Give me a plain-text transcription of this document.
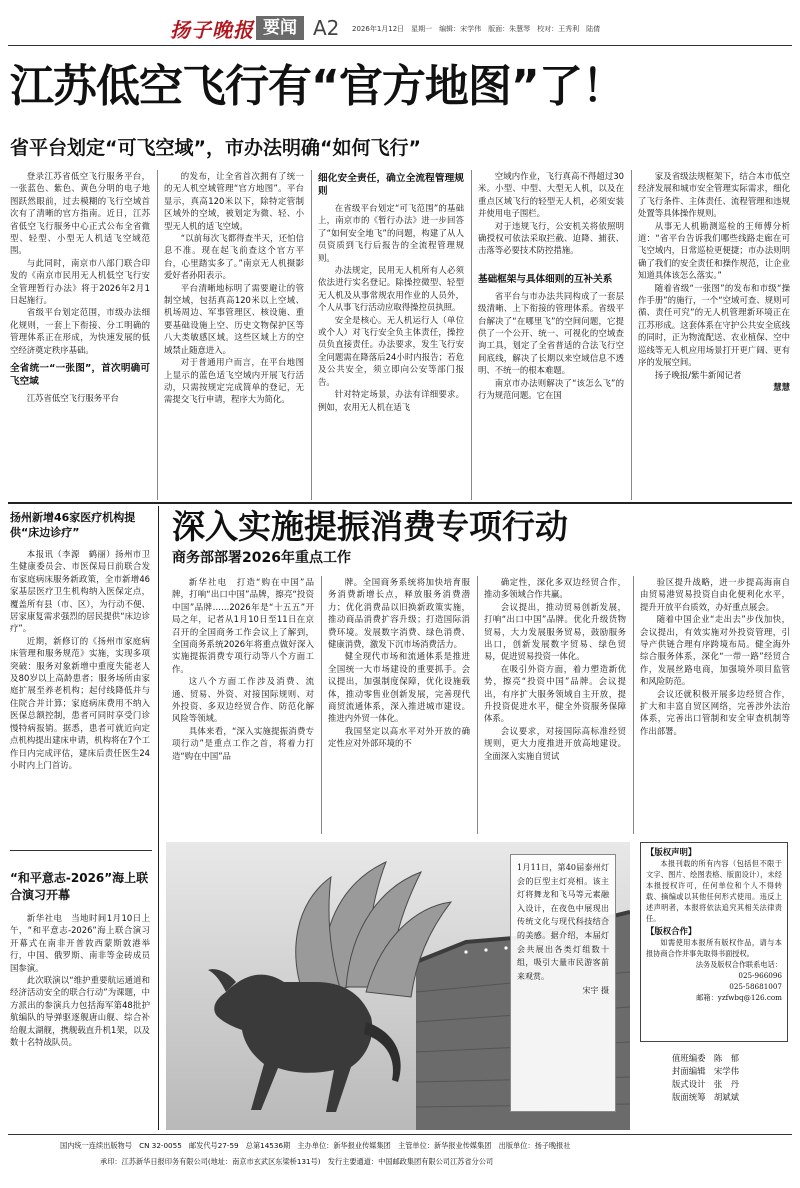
扬子晚报 要闻 A2 2026年1月12日　星期一　编辑：宋学伟　版面：朱慧琴　校对：王秀利　陆倩
江苏低空飞行有“官方地图”了！
省平台划定“可飞空域”，市办法明确“如何飞行”

登录江苏省低空飞行服务平台，一张蓝色、紫色、黄色分明的电子地图跃然眼前，过去模糊的飞行空域首次有了清晰的官方指南。近日，江苏省低空飞行服务中心正式公布全省微型、轻型、小型无人机适飞空域范围。

与此同时，南京市八部门联合印发的《南京市民用无人机低空飞行安全管理暂行办法》将于2026年2月1日起施行。

省级平台划定范围，市级办法细化规则，一套上下衔接、分工明确的管理体系正在形成，为快速发展的低空经济奠定秩序基础。

全省统一“一张图”，首次明确可飞空域

江苏省低空飞行服务平台

的发布，让全省首次拥有了统一的无人机空域管理“官方地图”。平台显示，真高120米以下，除特定管制区域外的空域，被划定为微、轻、小型无人机的适飞空域。

“以前每次飞都得查半天，还怕信息不准。现在起飞前查这个官方平台，心里踏实多了。”南京无人机摄影爱好者孙阳表示。

平台清晰地标明了需要避让的管制空域，包括真高120米以上空域、机场周边、军事管理区、核设施、重要基础设施上空、历史文物保护区等八大类敏感区域。这些区域上方的空域禁止随意进入。

对于普通用户而言，在平台地图上显示的蓝色适飞空域内开展飞行活动，只需按规定完成简单的登记，无需提交飞行申请，程序大为简化。

细化安全责任，确立全流程管理规则

在省级平台划定“可飞范围”的基础上，南京市的《暂行办法》进一步回答了“如何安全地飞”的问题，构建了从人员资质到飞行后报告的全流程管理规则。

办法规定，民用无人机所有人必须依法进行实名登记。除操控微型、轻型无人机及从事常规农用作业的人员外，个人从事飞行活动应取得操控员执照。

安全是核心。无人机运行人（单位或个人）对飞行安全负主体责任，操控员负直接责任。办法要求，发生飞行安全问题需在降落后24小时内报告；若危及公共安全，须立即向公安等部门报告。

针对特定场景，办法有详细要求。例如，农用无人机在适飞

空域内作业，飞行真高不得超过30米。小型、中型、大型无人机，以及在重点区域飞行的轻型无人机，必须安装并使用电子围栏。

对于违规飞行，公安机关将依照明确授权可依法采取拦截、迫降、捕获、击落等必要技术防控措施。

基础框架与具体细则的互补关系

省平台与市办法共同构成了一套层级清晰、上下衔接的管理体系。省级平台解决了“在哪里飞”的空间问题，它提供了一个公开、统一、可视化的空域查询工具，划定了全省普适的合法飞行空间底线，解决了长期以来空域信息不透明、不统一的根本难题。

南京市办法则解决了“该怎么飞”的行为规范问题。它在国

家及省级法规框架下，结合本市低空经济发展和城市安全管理实际需求，细化了飞行条件、主体责任、流程管理和违规处置等具体操作规则。

从事无人机勘测巡检的王师傅分析道：“省平台告诉我们哪些线路走廊在可飞空域内，日常巡检更便捷；市办法则明确了我们的安全责任和操作规范，让企业知道具体该怎么落实。”

随着省级“一张图”的发布和市级“操作手册”的施行，一个“空域可查、规则可循、责任可究”的无人机管理新环境正在江苏形成。这套体系在守护公共安全底线的同时，正为物流配送、农业植保、空中巡线等无人机应用场景打开更广阔、更有序的发展空间。

扬子晚报/紫牛新闻记者

慧慧
扬州新增46家医疗机构提供“床边诊疗”

本报讯（李源　鹤丽）扬州市卫生健康委员会、市医保局日前联合发布家庭病床服务新政策，全市新增46家基层医疗卫生机构纳入医保定点，覆盖所有县（市、区），为行动不便、居家康复需求强烈的居民提供“床边诊疗”。

近期，新修订的《扬州市家庭病床管理和服务规范》实施，实现多项突破：服务对象新增中重度失能老人及80岁以上高龄患者；服务场所由家庭扩展至养老机构；起付线降低并与住院合并计算；家庭病床费用不纳入医保总额控制，患者可同时享受门诊慢特病报销。据悉，患者可就近向定点机构提出建床申请，机构将在7个工作日内完成评估，建床后责任医生24小时内上门首访。

“和平意志-2026”海上联合演习开幕

新华社电　当地时间1月10日上午，“和平意志-2026”海上联合演习开幕式在南非开普敦西蒙斯敦港举行，中国、俄罗斯、南非等金砖成员国参演。

此次联演以“维护重要航运通道和经济活动安全的联合行动”为课题，中方派出的参演兵力包括海军第48批护航编队的导弹驱逐舰唐山舰、综合补给舰太湖舰，携舰载直升机1架，以及数十名特战队员。

深入实施提振消费专项行动
商务部部署2026年重点工作

新华社电　打造“购在中国”品牌，打响“出口中国”品牌，擦亮“投资中国”品牌……2026年是“十五五”开局之年，记者从1月10日至11日在京召开的全国商务工作会议上了解到，全国商务系统2026年将重点做好深入实施提振消费专项行动等八个方面工作。

这八个方面工作涉及消费、流通、贸易、外资、对接国际规则、对外投资、多双边经贸合作、防范化解风险等领域。

具体来看，“深入实施提振消费专项行动”是重点工作之首，将着力打造“购在中国”品

牌。全国商务系统将加快培育服务消费新增长点，释放服务消费潜力；优化消费品以旧换新政策实施，推动商品消费扩容升级；打造国际消费环境。发展数字消费、绿色消费、健康消费，激发下沉市场消费活力。

健全现代市场和流通体系是推进全国统一大市场建设的重要抓手。会议提出，加强制度保障，优化设施载体，推动零售业创新发展，完善现代商贸流通体系，深入推进城市建设。推进内外贸一体化。

我国坚定以高水平对外开放的确定性应对外部环境的不

确定性，深化多双边经贸合作，推动多领域合作共赢。

会议提出，推动贸易创新发展，打响“出口中国”品牌。优化升级货物贸易，大力发展服务贸易，鼓励服务出口，创新发展数字贸易、绿色贸易，促进贸易投资一体化。

在吸引外资方面，着力塑造新优势，擦亮“投资中国”品牌。会议提出，有序扩大服务领域自主开放，提升投资促进水平，健全外资服务保障体系。

会议要求，对接国际高标准经贸规则，更大力度推进开放高地建设。全面深入实施自贸试

验区提升战略，进一步提高海南自由贸易港贸易投资自由化便利化水平，提升开放平台质效，办好重点展会。

随着中国企业“走出去”步伐加快，会议提出，有效实施对外投资管理，引导产供链合理有序跨境布局。健全海外综合服务体系，深化“一带一路”经贸合作，发展丝路电商，加强境外项目监管和风险防范。

会议还就积极开展多边经贸合作，扩大和丰富自贸区网络，完善涉外法治体系，完善出口管制和安全审查机制等作出部署。

1月11日，第40届泰州灯会的巨型主灯亮相。该主灯将舞龙和飞马等元素融入设计，在夜色中展现出传统文化与现代科技结合的美感。据介绍，本届灯会共展出各类灯组数十组，吸引大量市民游客前来观赏。
宋宇 摄
【版权声明】
本报刊载的所有内容（包括但不限于文字、图片、绘图表格、版面设计），未经本报授权许可，任何单位和个人不得转载、摘编或以其他任何形式使用。违反上述声明者，本报将依法追究其相关法律责任。
【版权合作】
如需使用本报所有版权作品，请与本报协商合作并事先取得书面授权。
法务及版权合作联系电话：
025-966096
025-58681007
邮箱：yzfwbq@126.com
值班编委　 陈　郁
封面编辑　 宋学伟
版式设计　 张　丹
版面统筹　 胡斌斌
国内统一连续出版物号　CN 32-0055　邮发代号27-59　总第14536期　主办单位：新华报业传媒集团　主管单位：新华报业传媒集团　出版单位：扬子晚报社
承印：江苏新华日报印务有限公司(地址：南京市玄武区东梁桥131号)　发行主要通道：中国邮政集团有限公司江苏省分公司
